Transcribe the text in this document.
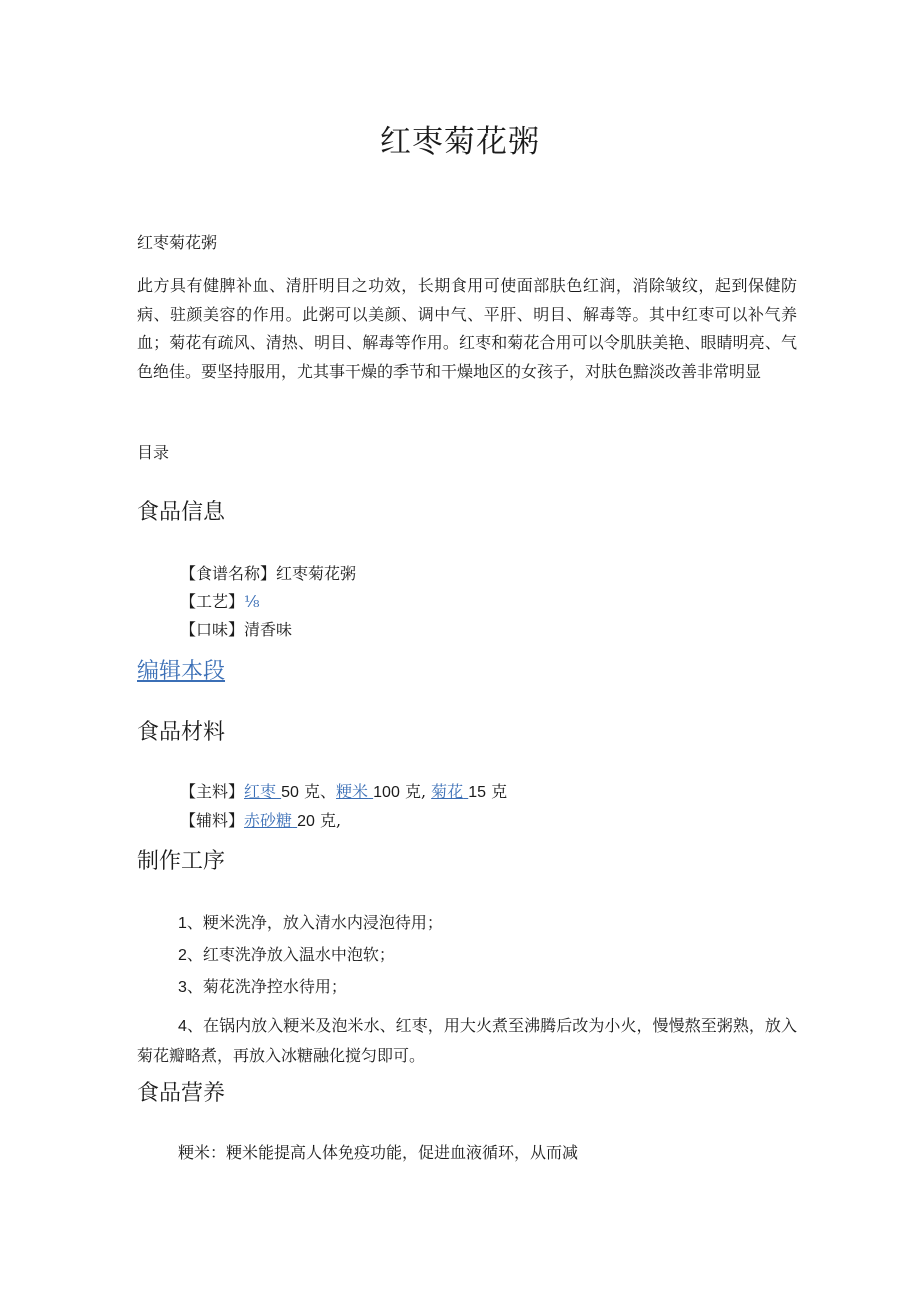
红枣菊花粥
红枣菊花粥
此方具有健脾补血、清肝明目之功效，长期食用可使面部肤色红润，消除皱纹，起到保健防病、驻颜美容的作用。此粥可以美颜、调中气、平肝、明目、解毒等。其中红枣可以补气养血；菊花有疏风、清热、明目、解毒等作用。红枣和菊花合用可以令肌肤美艳、眼睛明亮、气色绝佳。要坚持服用，尤其事干燥的季节和干燥地区的女孩子，对肤色黯淡改善非常明显
目录
食品信息
【食谱名称】红枣菊花粥
【工艺】⅛
【口味】清香味
编辑本段
食品材料
【主料】红枣 50 克、粳米 100 克, 菊花 15 克
【辅料】赤砂糖 20 克,
制作工序
1、粳米洗净，放入清水内浸泡待用；
2、红枣洗净放入温水中泡软；
3、菊花洗净控水待用；
4、在锅内放入粳米及泡米水、红枣，用大火煮至沸腾后改为小火，慢慢熬至粥熟，放入菊花瓣略煮，再放入冰糖融化搅匀即可。
食品营养
粳米：粳米能提高人体免疫功能，促进血液循环，从而减
